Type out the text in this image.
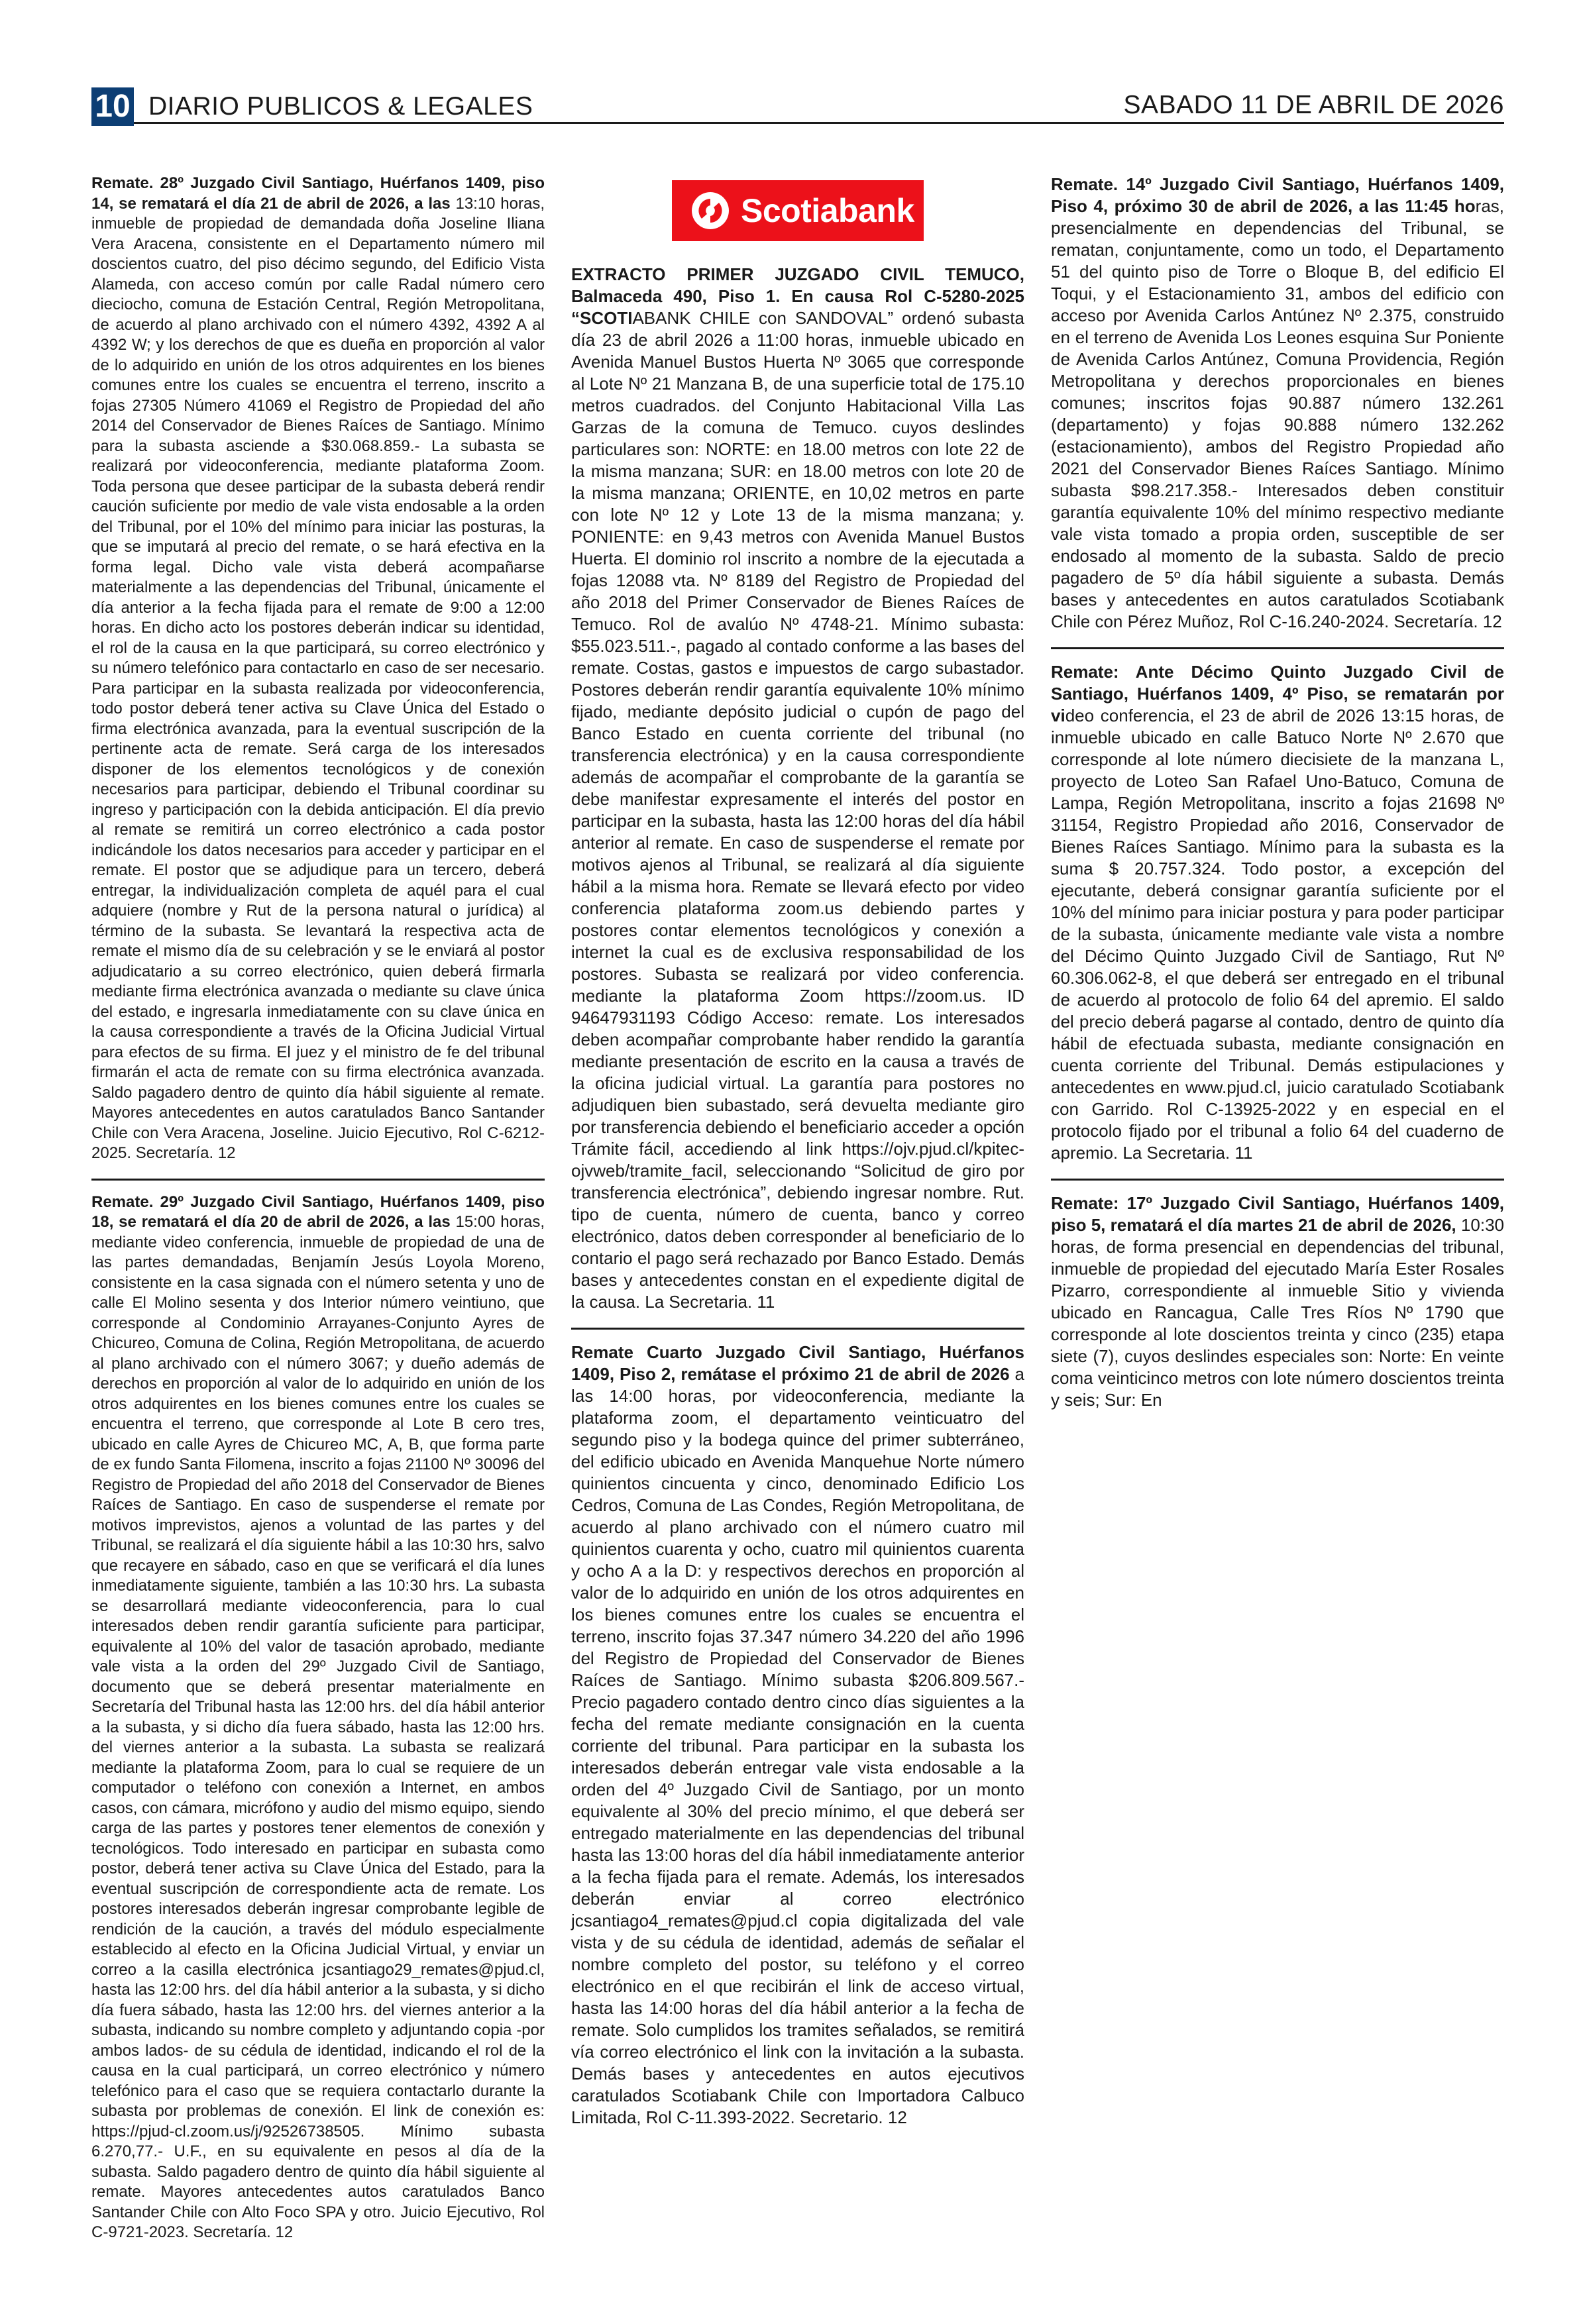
10 DIARIO PUBLICOS & LEGALES	SABADO 11 DE ABRIL DE 2026

Remate. 28º Juzgado Civil Santiago, Huérfanos 1409, piso 14, se rematará el día 21 de abril de 2026, a las 13:10 horas, inmueble de propiedad de demandada doña Joseline Iliana Vera Aracena, consistente en el Departamento número mil doscientos cuatro, del piso décimo segundo, del Edificio Vista Alameda, con acceso común por calle Radal número cero dieciocho, comuna de Estación Central, Región Metropolitana, de acuerdo al plano archivado con el número 4392, 4392 A al 4392 W; y los derechos de que es dueña en proporción al valor de lo adquirido en unión de los otros adquirentes en los bienes comunes entre los cuales se encuentra el terreno, inscrito a fojas 27305 Número 41069 el Registro de Propiedad del año 2014 del Conservador de Bienes Raíces de Santiago. Mínimo para la subasta asciende a $30.068.859.- La subasta se realizará por videoconferencia, mediante plataforma Zoom. Toda persona que desee participar de la subasta deberá rendir caución suficiente por medio de vale vista endosable a la orden del Tribunal, por el 10% del mínimo para iniciar las posturas, la que se imputará al precio del remate, o se hará efectiva en la forma legal. Dicho vale vista deberá acompañarse materialmente a las dependencias del Tribunal, únicamente el día anterior a la fecha fijada para el remate de 9:00 a 12:00 horas. En dicho acto los postores deberán indicar su identidad, el rol de la causa en la que participará, su correo electrónico y su número telefónico para contactarlo en caso de ser necesario. Para participar en la subasta realizada por videoconferencia, todo postor deberá tener activa su Clave Única del Estado o firma electrónica avanzada, para la eventual suscripción de la pertinente acta de remate. Será carga de los interesados disponer de los elementos tecnológicos y de conexión necesarios para participar, debiendo el Tribunal coordinar su ingreso y participación con la debida anticipación. El día previo al remate se remitirá un correo electrónico a cada postor indicándole los datos necesarios para acceder y participar en el remate. El postor que se adjudique para un tercero, deberá entregar, la individualización completa de aquél para el cual adquiere (nombre y Rut de la persona natural o jurídica) al término de la subasta. Se levantará la respectiva acta de remate el mismo día de su celebración y se le enviará al postor adjudicatario a su correo electrónico, quien deberá firmarla mediante firma electrónica avanzada o mediante su clave única del estado, e ingresarla inmediatamente con su clave única en la causa correspondiente a través de la Oficina Judicial Virtual para efectos de su firma. El juez y el ministro de fe del tribunal firmarán el acta de remate con su firma electrónica avanzada. Saldo pagadero dentro de quinto día hábil siguiente al remate. Mayores antecedentes en autos caratulados Banco Santander Chile con Vera Aracena, Joseline. Juicio Ejecutivo, Rol C-6212-2025. Secretaría. 12

Remate. 29º Juzgado Civil Santiago, Huérfanos 1409, piso 18, se rematará el día 20 de abril de 2026, a las 15:00 horas, mediante video conferencia, inmueble de propiedad de una de las partes demandadas, Benjamín Jesús Loyola Moreno, consistente en la casa signada con el número setenta y uno de calle El Molino sesenta y dos Interior número veintiuno, que corresponde al Condominio Arrayanes-Conjunto Ayres de Chicureo, Comuna de Colina, Región Metropolitana, de acuerdo al plano archivado con el número 3067; y dueño además de derechos en proporción al valor de lo adquirido en unión de los otros adquirentes en los bienes comunes entre los cuales se encuentra el terreno, que corresponde al Lote B cero tres, ubicado en calle Ayres de Chicureo MC, A, B, que forma parte de ex fundo Santa Filomena, inscrito a fojas 21100 Nº 30096 del Registro de Propiedad del año 2018 del Conservador de Bienes Raíces de Santiago. En caso de suspenderse el remate por motivos imprevistos, ajenos a voluntad de las partes y del Tribunal, se realizará el día siguiente hábil a las 10:30 hrs, salvo que recayere en sábado, caso en que se verificará el día lunes inmediatamente siguiente, también a las 10:30 hrs. La subasta se desarrollará mediante videoconferencia, para lo cual interesados deben rendir garantía suficiente para participar, equivalente al 10% del valor de tasación aprobado, mediante vale vista a la orden del 29º Juzgado Civil de Santiago, documento que se deberá presentar materialmente en Secretaría del Tribunal hasta las 12:00 hrs. del día hábil anterior a la subasta, y si dicho día fuera sábado, hasta las 12:00 hrs. del viernes anterior a la subasta. La subasta se realizará mediante la plataforma Zoom, para lo cual se requiere de un computador o teléfono con conexión a Internet, en ambos casos, con cámara, micrófono y audio del mismo equipo, siendo carga de las partes y postores tener elementos de conexión y tecnológicos. Todo interesado en participar en subasta como postor, deberá tener activa su Clave Única del Estado, para la eventual suscripción de correspondiente acta de remate. Los postores interesados deberán ingresar comprobante legible de rendición de la caución, a través del módulo especialmente establecido al efecto en la Oficina Judicial Virtual, y enviar un correo a la casilla electrónica jcsantiago29_remates@pjud.cl, hasta las 12:00 hrs. del día hábil anterior a la subasta, y si dicho día fuera sábado, hasta las 12:00 hrs. del viernes anterior a la subasta, indicando su nombre completo y adjuntando copia -por ambos lados- de su cédula de identidad, indicando el rol de la causa en la cual participará, un correo electrónico y número telefónico para el caso que se requiera contactarlo durante la subasta por problemas de conexión. El link de conexión es: https://pjud-cl.zoom.us/j/92526738505. Mínimo subasta 6.270,77.- U.F., en su equivalente en pesos al día de la subasta. Saldo pagadero dentro de quinto día hábil siguiente al remate. Mayores antecedentes autos caratulados Banco Santander Chile con Alto Foco SPA y otro. Juicio Ejecutivo, Rol C-9721-2023. Secretaría. 12

Scotiabank

EXTRACTO PRIMER JUZGADO CIVIL TEMUCO, Balmaceda 490, Piso 1. En causa Rol C-5280-2025 “SCOTIABANK CHILE con SANDOVAL” ordenó subasta día 23 de abril 2026 a 11:00 horas, inmueble ubicado en Avenida Manuel Bustos Huerta Nº 3065 que corresponde al Lote Nº 21 Manzana B, de una superficie total de 175.10 metros cuadrados. del Conjunto Habitacional Villa Las Garzas de la comuna de Temuco. cuyos deslindes particulares son: NORTE: en 18.00 metros con lote 22 de la misma manzana; SUR: en 18.00 metros con lote 20 de la misma manzana; ORIENTE, en 10,02 metros en parte con lote Nº 12 y Lote 13 de la misma manzana; y. PONIENTE: en 9,43 metros con Avenida Manuel Bustos Huerta. El dominio rol inscrito a nombre de la ejecutada a fojas 12088 vta. Nº 8189 del Registro de Propiedad del año 2018 del Primer Conservador de Bienes Raíces de Temuco. Rol de avalúo Nº 4748-21. Mínimo subasta: $55.023.511.-, pagado al contado conforme a las bases del remate. Costas, gastos e impuestos de cargo subastador. Postores deberán rendir garantía equivalente 10% mínimo fijado, mediante depósito judicial o cupón de pago del Banco Estado en cuenta corriente del tribunal (no transferencia electrónica) y en la causa correspondiente además de acompañar el comprobante de la garantía se debe manifestar expresamente el interés del postor en participar en la subasta, hasta las 12:00 horas del día hábil anterior al remate. En caso de suspenderse el remate por motivos ajenos al Tribunal, se realizará al día siguiente hábil a la misma hora. Remate se llevará efecto por video conferencia plataforma zoom.us debiendo partes y postores contar elementos tecnológicos y conexión a internet la cual es de exclusiva responsabilidad de los postores. Subasta se realizará por video conferencia. mediante la plataforma Zoom https://zoom.us. ID 94647931193 Código Acceso: remate. Los interesados deben acompañar comprobante haber rendido la garantía mediante presentación de escrito en la causa a través de la oficina judicial virtual. La garantía para postores no adjudiquen bien subastado, será devuelta mediante giro por transferencia debiendo el beneficiario acceder a opción Trámite fácil, accediendo al link https://ojv.pjud.cl/kpitec-ojvweb/tramite_facil, seleccionando “Solicitud de giro por transferencia electrónica”, debiendo ingresar nombre. Rut. tipo de cuenta, número de cuenta, banco y correo electrónico, datos deben corresponder al beneficiario de lo contario el pago será rechazado por Banco Estado. Demás bases y antecedentes constan en el expediente digital de la causa. La Secretaria. 11

Remate Cuarto Juzgado Civil Santiago, Huérfanos 1409, Piso 2, remátase el próximo 21 de abril de 2026 a las 14:00 horas, por videoconferencia, mediante la plataforma zoom, el departamento veinticuatro del segundo piso y la bodega quince del primer subterráneo, del edificio ubicado en Avenida Manquehue Norte número quinientos cincuenta y cinco, denominado Edificio Los Cedros, Comuna de Las Condes, Región Metropolitana, de acuerdo al plano archivado con el número cuatro mil quinientos cuarenta y ocho, cuatro mil quinientos cuarenta y ocho A a la D: y respectivos derechos en proporción al valor de lo adquirido en unión de los otros adquirentes en los bienes comunes entre los cuales se encuentra el terreno, inscrito fojas 37.347 número 34.220 del año 1996 del Registro de Propiedad del Conservador de Bienes Raíces de Santiago. Mínimo subasta $206.809.567.- Precio pagadero contado dentro cinco días siguientes a la fecha del remate mediante consignación en la cuenta corriente del tribunal. Para participar en la subasta los interesados deberán entregar vale vista endosable a la orden del 4º Juzgado Civil de Santiago, por un monto equivalente al 30% del precio mínimo, el que deberá ser entregado materialmente en las dependencias del tribunal hasta las 13:00 horas del día hábil inmediatamente anterior a la fecha fijada para el remate. Además, los interesados deberán enviar al correo electrónico jcsantiago4_remates@pjud.cl copia digitalizada del vale vista y de su cédula de identidad, además de señalar el nombre completo del postor, su teléfono y el correo electrónico en el que recibirán el link de acceso virtual, hasta las 14:00 horas del día hábil anterior a la fecha de remate. Solo cumplidos los tramites señalados, se remitirá vía correo electrónico el link con la invitación a la subasta. Demás bases y antecedentes en autos ejecutivos caratulados Scotiabank Chile con Importadora Calbuco Limitada, Rol C-11.393-2022. Secretario. 12

Remate. 14º Juzgado Civil Santiago, Huérfanos 1409, Piso 4, próximo 30 de abril de 2026, a las 11:45 horas, presencialmente en dependencias del Tribunal, se rematan, conjuntamente, como un todo, el Departamento 51 del quinto piso de Torre o Bloque B, del edificio El Toqui, y el Estacionamiento 31, ambos del edificio con acceso por Avenida Carlos Antúnez Nº 2.375, construido en el terreno de Avenida Los Leones esquina Sur Poniente de Avenida Carlos Antúnez, Comuna Providencia, Región Metropolitana y derechos proporcionales en bienes comunes; inscritos fojas 90.887 número 132.261 (departamento) y fojas 90.888 número 132.262 (estacionamiento), ambos del Registro Propiedad año 2021 del Conservador Bienes Raíces Santiago. Mínimo subasta $98.217.358.- Interesados deben constituir garantía equivalente 10% del mínimo respectivo mediante vale vista tomado a propia orden, susceptible de ser endosado al momento de la subasta. Saldo de precio pagadero de 5º día hábil siguiente a subasta. Demás bases y antecedentes en autos caratulados Scotiabank Chile con Pérez Muñoz, Rol C-16.240-2024. Secretaría. 12

Remate: Ante Décimo Quinto Juzgado Civil de Santiago, Huérfanos 1409, 4º Piso, se rematarán por video conferencia, el 23 de abril de 2026 13:15 horas, de inmueble ubicado en calle Batuco Norte Nº 2.670 que corresponde al lote número diecisiete de la manzana L, proyecto de Loteo San Rafael Uno-Batuco, Comuna de Lampa, Región Metropolitana, inscrito a fojas 21698 Nº 31154, Registro Propiedad año 2016, Conservador de Bienes Raíces Santiago. Mínimo para la subasta es la suma $ 20.757.324. Todo postor, a excepción del ejecutante, deberá consignar garantía suficiente por el 10% del mínimo para iniciar postura y para poder participar de la subasta, únicamente mediante vale vista a nombre del Décimo Quinto Juzgado Civil de Santiago, Rut Nº 60.306.062-8, el que deberá ser entregado en el tribunal de acuerdo al protocolo de folio 64 del apremio. El saldo del precio deberá pagarse al contado, dentro de quinto día hábil de efectuada subasta, mediante consignación en cuenta corriente del Tribunal. Demás estipulaciones y antecedentes en www.pjud.cl, juicio caratulado Scotiabank con Garrido. Rol C-13925-2022 y en especial en el protocolo fijado por el tribunal a folio 64 del cuaderno de apremio. La Secretaria. 11

Remate: 17º Juzgado Civil Santiago, Huérfanos 1409, piso 5, rematará el día martes 21 de abril de 2026, 10:30 horas, de forma presencial en dependencias del tribunal, inmueble de propiedad del ejecutado María Ester Rosales Pizarro, correspondiente al inmueble Sitio y vivienda ubicado en Rancagua, Calle Tres Ríos Nº 1790 que corresponde al lote doscientos treinta y cinco (235) etapa siete (7), cuyos deslindes especiales son: Norte: En veinte coma veinticinco metros con lote número doscientos treinta y seis; Sur: En
